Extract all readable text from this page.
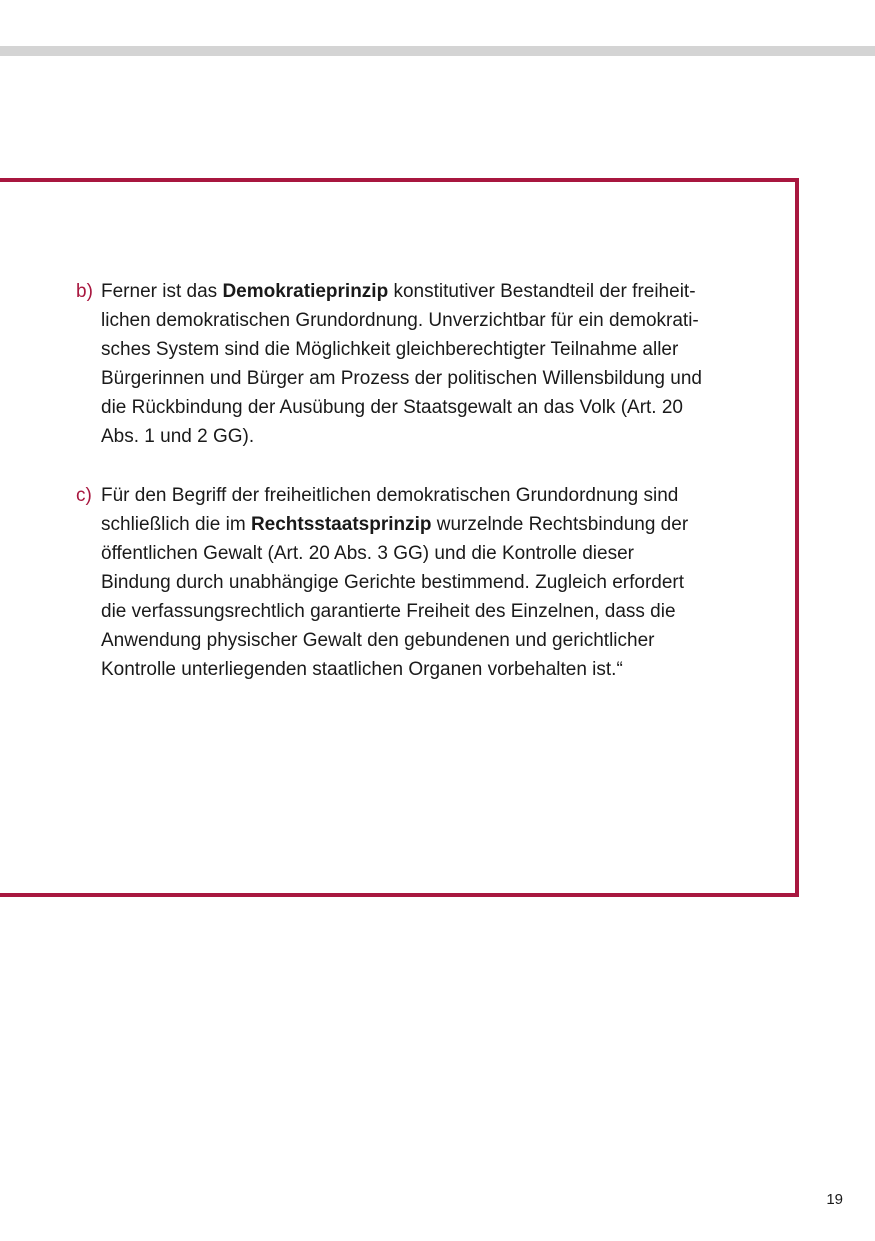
b) Ferner ist das Demokratieprinzip konstitutiver Bestandteil der freiheit-
lichen demokratischen Grundordnung. Unverzichtbar für ein demokrati-
sches System sind die Möglichkeit gleichberechtigter Teilnahme aller
Bürgerinnen und Bürger am Prozess der politischen Willensbildung und
die Rückbindung der Ausübung der Staatsgewalt an das Volk (Art. 20
Abs. 1 und 2 GG).
c) Für den Begriff der freiheitlichen demokratischen Grundordnung sind
schließlich die im Rechtsstaatsprinzip wurzelnde Rechtsbindung der
öffentlichen Gewalt (Art. 20 Abs. 3 GG) und die Kontrolle dieser
Bindung durch unabhängige Gerichte bestimmend. Zugleich erfordert
die verfassungsrechtlich garantierte Freiheit des Einzelnen, dass die
Anwendung physischer Gewalt den gebundenen und gerichtlicher
Kontrolle unterliegenden staatlichen Organen vorbehalten ist.“
19
